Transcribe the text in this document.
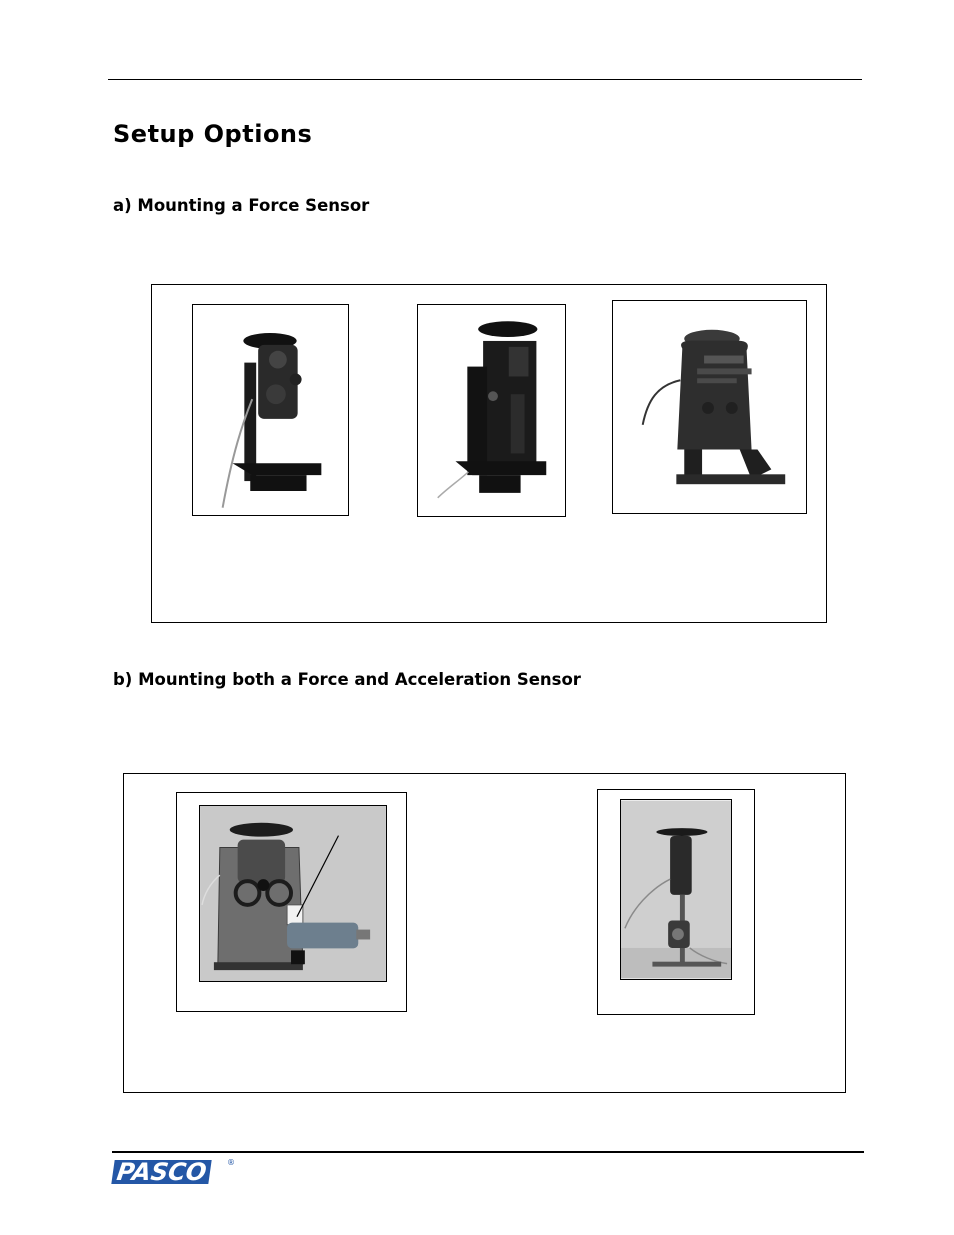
Setup Options
a) Mounting a Force Sensor
b) Mounting both a Force and Acceleration Sensor
PASCO	®
